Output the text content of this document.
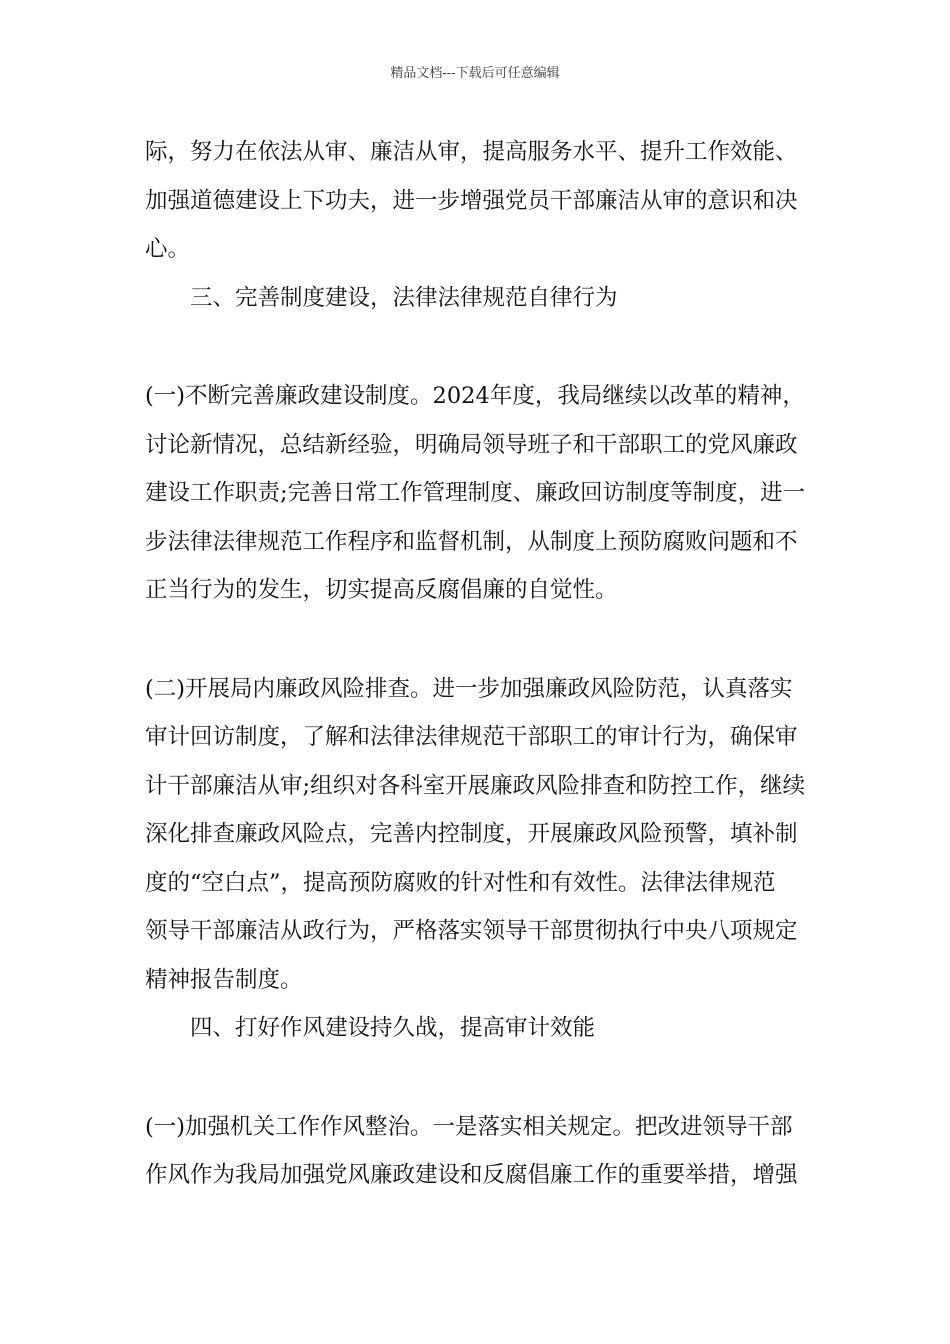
精品文档---下载后可任意编辑
际，努力在依法从审、廉洁从审，提高服务水平、提升工作效能、
加强道德建设上下功夫，进一步增强党员干部廉洁从审的意识和决
心。
三、完善制度建设，法律法律规范自律行为
(一)不断完善廉政建设制度。2024年度，我局继续以改革的精神，
讨论新情况，总结新经验，明确局领导班子和干部职工的党风廉政
建设工作职责;完善日常工作管理制度、廉政回访制度等制度，进一
步法律法律规范工作程序和监督机制，从制度上预防腐败问题和不
正当行为的发生，切实提高反腐倡廉的自觉性。
(二)开展局内廉政风险排查。进一步加强廉政风险防范，认真落实
审计回访制度，了解和法律法律规范干部职工的审计行为，确保审
计干部廉洁从审;组织对各科室开展廉政风险排查和防控工作，继续
深化排查廉政风险点，完善内控制度，开展廉政风险预警，填补制
度的“空白点”，提高预防腐败的针对性和有效性。法律法律规范
领导干部廉洁从政行为，严格落实领导干部贯彻执行中央八项规定
精神报告制度。
四、打好作风建设持久战，提高审计效能
(一)加强机关工作作风整治。一是落实相关规定。把改进领导干部
作风作为我局加强党风廉政建设和反腐倡廉工作的重要举措，增强
